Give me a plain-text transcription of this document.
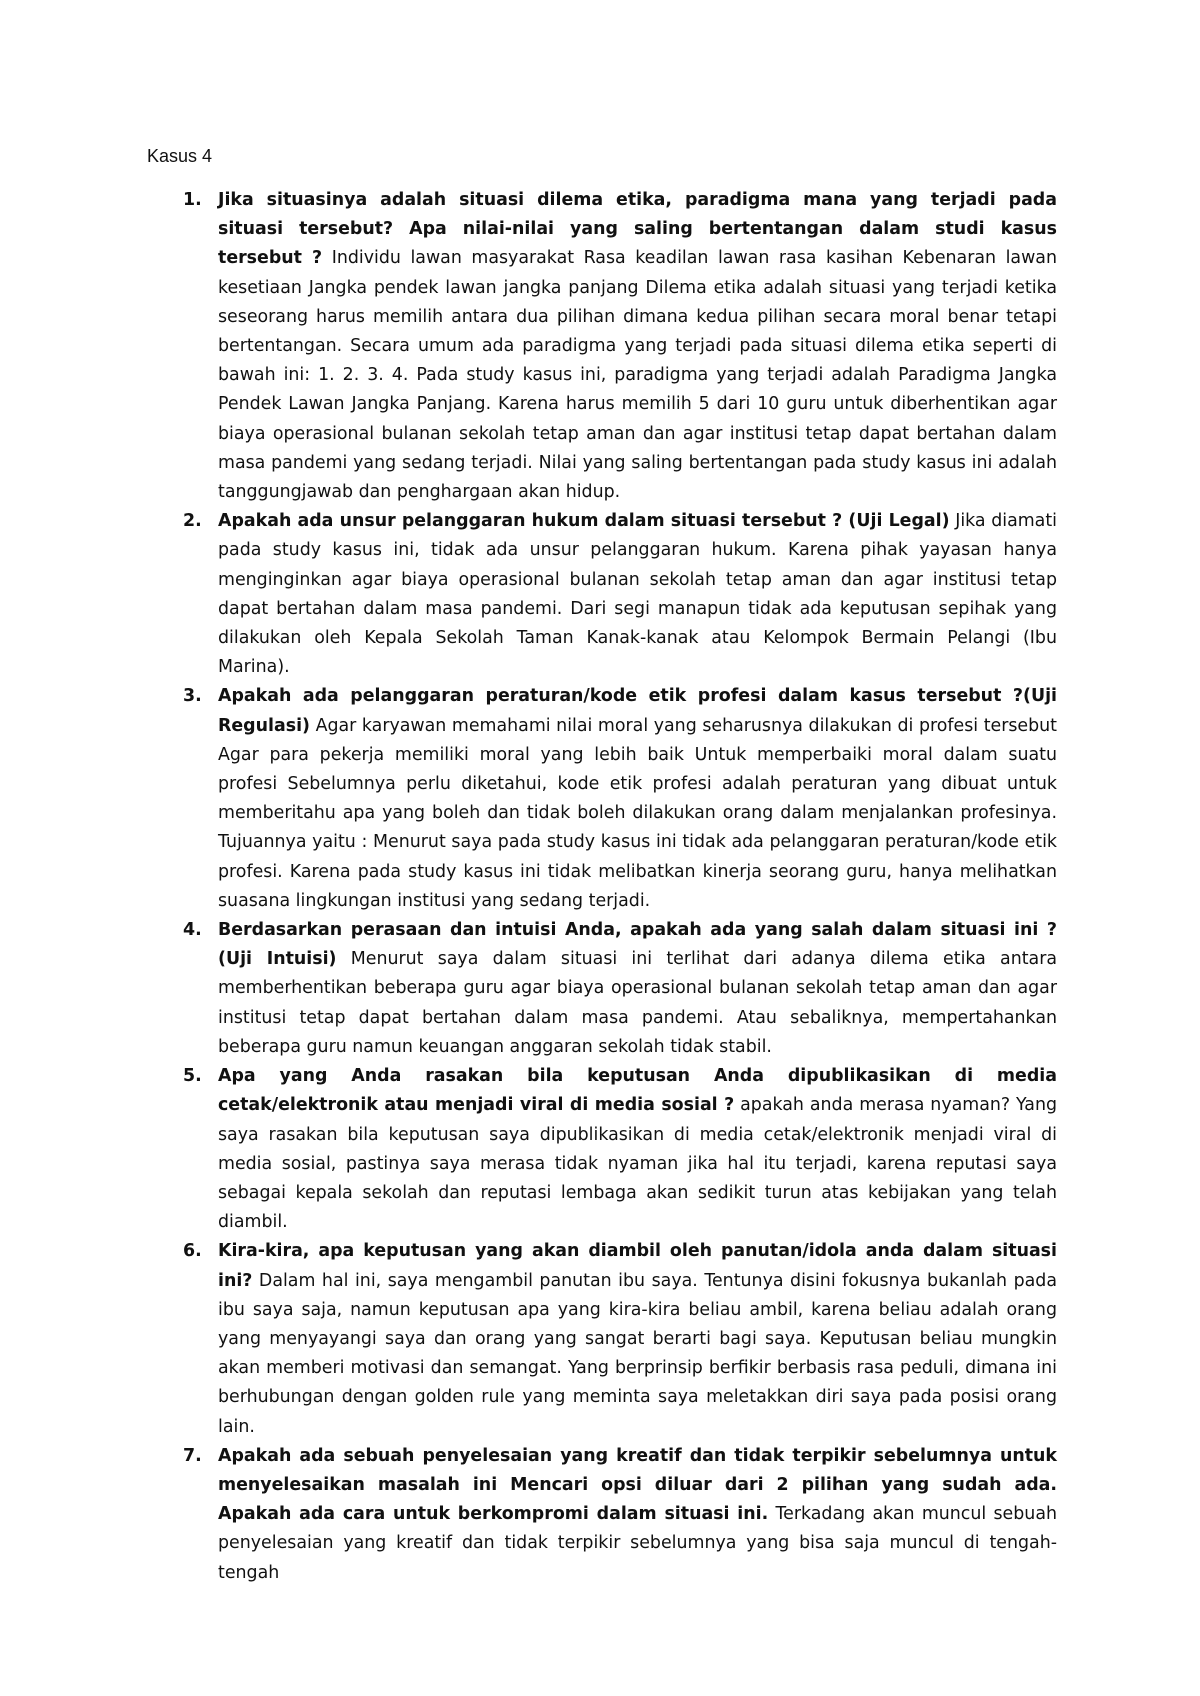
Kasus 4
1. Jika situasinya adalah situasi dilema etika, paradigma mana yang terjadi pada situasi tersebut? Apa nilai-nilai yang saling bertentangan dalam studi kasus tersebut ? Individu lawan masyarakat Rasa keadilan lawan rasa kasihan Kebenaran lawan kesetiaan Jangka pendek lawan jangka panjang Dilema etika adalah situasi yang terjadi ketika seseorang harus memilih antara dua pilihan dimana kedua pilihan secara moral benar tetapi bertentangan. Secara umum ada paradigma yang terjadi pada situasi dilema etika seperti di bawah ini: 1. 2. 3. 4. Pada study kasus ini, paradigma yang terjadi adalah Paradigma Jangka Pendek Lawan Jangka Panjang. Karena harus memilih 5 dari 10 guru untuk diberhentikan agar biaya operasional bulanan sekolah tetap aman dan agar institusi tetap dapat bertahan dalam masa pandemi yang sedang terjadi. Nilai yang saling bertentangan pada study kasus ini adalah tanggungjawab dan penghargaan akan hidup.
2. Apakah ada unsur pelanggaran hukum dalam situasi tersebut ? (Uji Legal) Jika diamati pada study kasus ini, tidak ada unsur pelanggaran hukum. Karena pihak yayasan hanya menginginkan agar biaya operasional bulanan sekolah tetap aman dan agar institusi tetap dapat bertahan dalam masa pandemi. Dari segi manapun tidak ada keputusan sepihak yang dilakukan oleh Kepala Sekolah Taman Kanak-kanak atau Kelompok Bermain Pelangi (Ibu Marina).
3. Apakah ada pelanggaran peraturan/kode etik profesi dalam kasus tersebut ?(Uji Regulasi) Agar karyawan memahami nilai moral yang seharusnya dilakukan di profesi tersebut Agar para pekerja memiliki moral yang lebih baik Untuk memperbaiki moral dalam suatu profesi Sebelumnya perlu diketahui, kode etik profesi adalah peraturan yang dibuat untuk memberitahu apa yang boleh dan tidak boleh dilakukan orang dalam menjalankan profesinya. Tujuannya yaitu : Menurut saya pada study kasus ini tidak ada pelanggaran peraturan/kode etik profesi. Karena pada study kasus ini tidak melibatkan kinerja seorang guru, hanya melihatkan suasana lingkungan institusi yang sedang terjadi.
4. Berdasarkan perasaan dan intuisi Anda, apakah ada yang salah dalam situasi ini ? (Uji Intuisi) Menurut saya dalam situasi ini terlihat dari adanya dilema etika antara memberhentikan beberapa guru agar biaya operasional bulanan sekolah tetap aman dan agar institusi tetap dapat bertahan dalam masa pandemi. Atau sebaliknya, mempertahankan beberapa guru namun keuangan anggaran sekolah tidak stabil.
5. Apa yang Anda rasakan bila keputusan Anda dipublikasikan di media cetak/elektronik atau menjadi viral di media sosial ? apakah anda merasa nyaman? Yang saya rasakan bila keputusan saya dipublikasikan di media cetak/elektronik menjadi viral di media sosial, pastinya saya merasa tidak nyaman jika hal itu terjadi, karena reputasi saya sebagai kepala sekolah dan reputasi lembaga akan sedikit turun atas kebijakan yang telah diambil.
6. Kira-kira, apa keputusan yang akan diambil oleh panutan/idola anda dalam situasi ini? Dalam hal ini, saya mengambil panutan ibu saya. Tentunya disini fokusnya bukanlah pada ibu saya saja, namun keputusan apa yang kira-kira beliau ambil, karena beliau adalah orang yang menyayangi saya dan orang yang sangat berarti bagi saya. Keputusan beliau mungkin akan memberi motivasi dan semangat. Yang berprinsip berfikir berbasis rasa peduli, dimana ini berhubungan dengan golden rule yang meminta saya meletakkan diri saya pada posisi orang lain.
7. Apakah ada sebuah penyelesaian yang kreatif dan tidak terpikir sebelumnya untuk menyelesaikan masalah ini Mencari opsi diluar dari 2 pilihan yang sudah ada. Apakah ada cara untuk berkompromi dalam situasi ini. Terkadang akan muncul sebuah penyelesaian yang kreatif dan tidak terpikir sebelumnya yang bisa saja muncul di tengah-tengah
